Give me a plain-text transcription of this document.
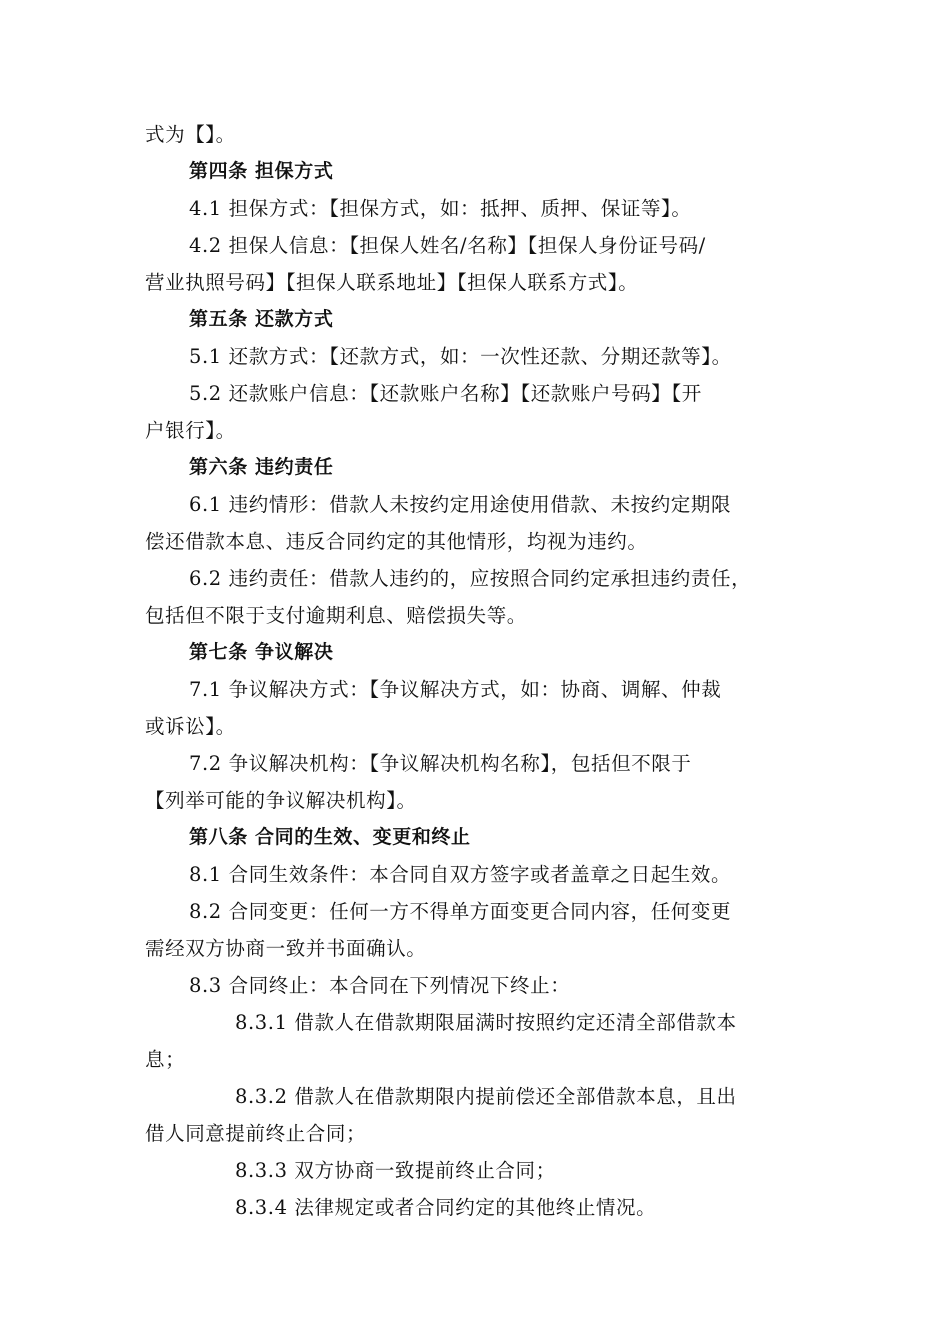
式为【】。
第四条 担保方式
4.1 担保方式：【担保方式，如：抵押、质押、保证等】。
4.2 担保人信息：【担保人姓名/名称】【担保人身份证号码/
营业执照号码】【担保人联系地址】【担保人联系方式】。
第五条 还款方式
5.1 还款方式：【还款方式，如：一次性还款、分期还款等】。
5.2 还款账户信息：【还款账户名称】【还款账户号码】【开
户银行】。
第六条 违约责任
6.1 违约情形：借款人未按约定用途使用借款、未按约定期限
偿还借款本息、违反合同约定的其他情形，均视为违约。
6.2 违约责任：借款人违约的，应按照合同约定承担违约责任，
包括但不限于支付逾期利息、赔偿损失等。
第七条 争议解决
7.1 争议解决方式：【争议解决方式，如：协商、调解、仲裁
或诉讼】。
7.2 争议解决机构：【争议解决机构名称】，包括但不限于
【列举可能的争议解决机构】。
第八条 合同的生效、变更和终止
8.1 合同生效条件：本合同自双方签字或者盖章之日起生效。
8.2 合同变更：任何一方不得单方面变更合同内容，任何变更
需经双方协商一致并书面确认。
8.3 合同终止：本合同在下列情况下终止：
8.3.1 借款人在借款期限届满时按照约定还清全部借款本
息；
8.3.2 借款人在借款期限内提前偿还全部借款本息，且出
借人同意提前终止合同；
8.3.3 双方协商一致提前终止合同；
8.3.4 法律规定或者合同约定的其他终止情况。
